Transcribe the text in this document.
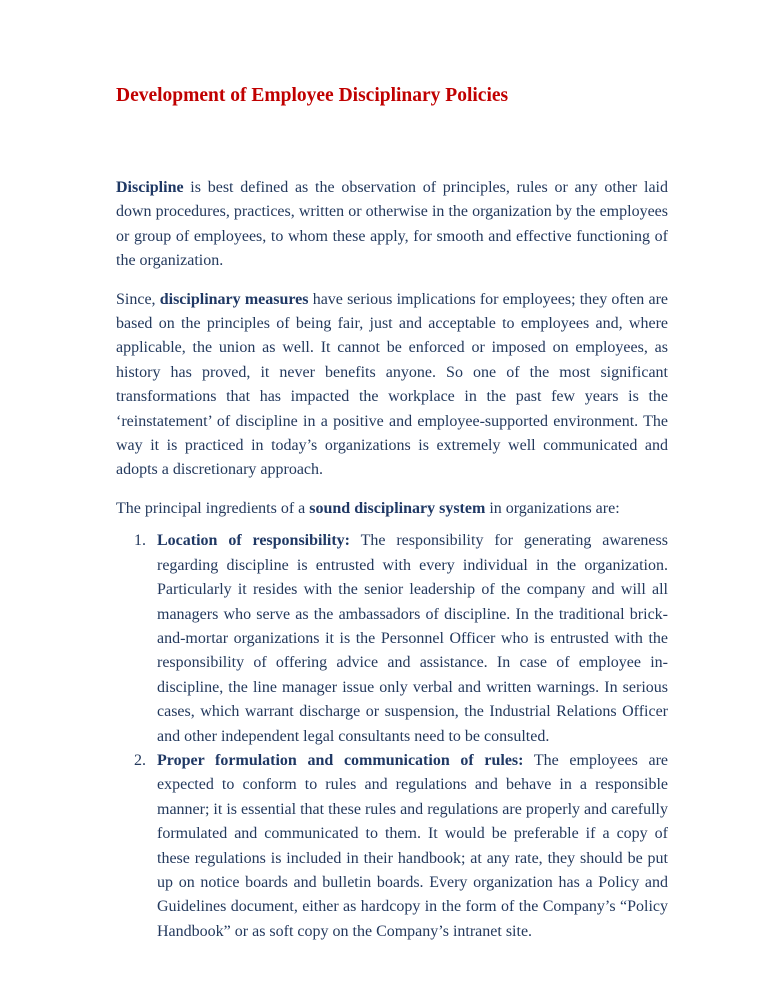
Development of Employee Disciplinary Policies

Discipline is best defined as the observation of principles, rules or any other laid down procedures, practices, written or otherwise in the organization by the employees or group of employees, to whom these apply, for smooth and effective functioning of the organization.

Since, disciplinary measures have serious implications for employees; they often are based on the principles of being fair, just and acceptable to employees and, where applicable, the union as well. It cannot be enforced or imposed on employees, as history has proved, it never benefits anyone. So one of the most significant transformations that has impacted the workplace in the past few years is the ‘reinstatement’ of discipline in a positive and employee-supported environment. The way it is practiced in today’s organizations is extremely well communicated and adopts a discretionary approach.

The principal ingredients of a sound disciplinary system in organizations are:

1. Location of responsibility: The responsibility for generating awareness regarding discipline is entrusted with every individual in the organization. Particularly it resides with the senior leadership of the company and will all managers who serve as the ambassadors of discipline. In the traditional brick-and-mortar organizations it is the Personnel Officer who is entrusted with the responsibility of offering advice and assistance. In case of employee in-discipline, the line manager issue only verbal and written warnings. In serious cases, which warrant discharge or suspension, the Industrial Relations Officer and other independent legal consultants need to be consulted.
2. Proper formulation and communication of rules: The employees are expected to conform to rules and regulations and behave in a responsible manner; it is essential that these rules and regulations are properly and carefully formulated and communicated to them. It would be preferable if a copy of these regulations is included in their handbook; at any rate, they should be put up on notice boards and bulletin boards. Every organization has a Policy and Guidelines document, either as hardcopy in the form of the Company’s “Policy Handbook” or as soft copy on the Company’s intranet site.
